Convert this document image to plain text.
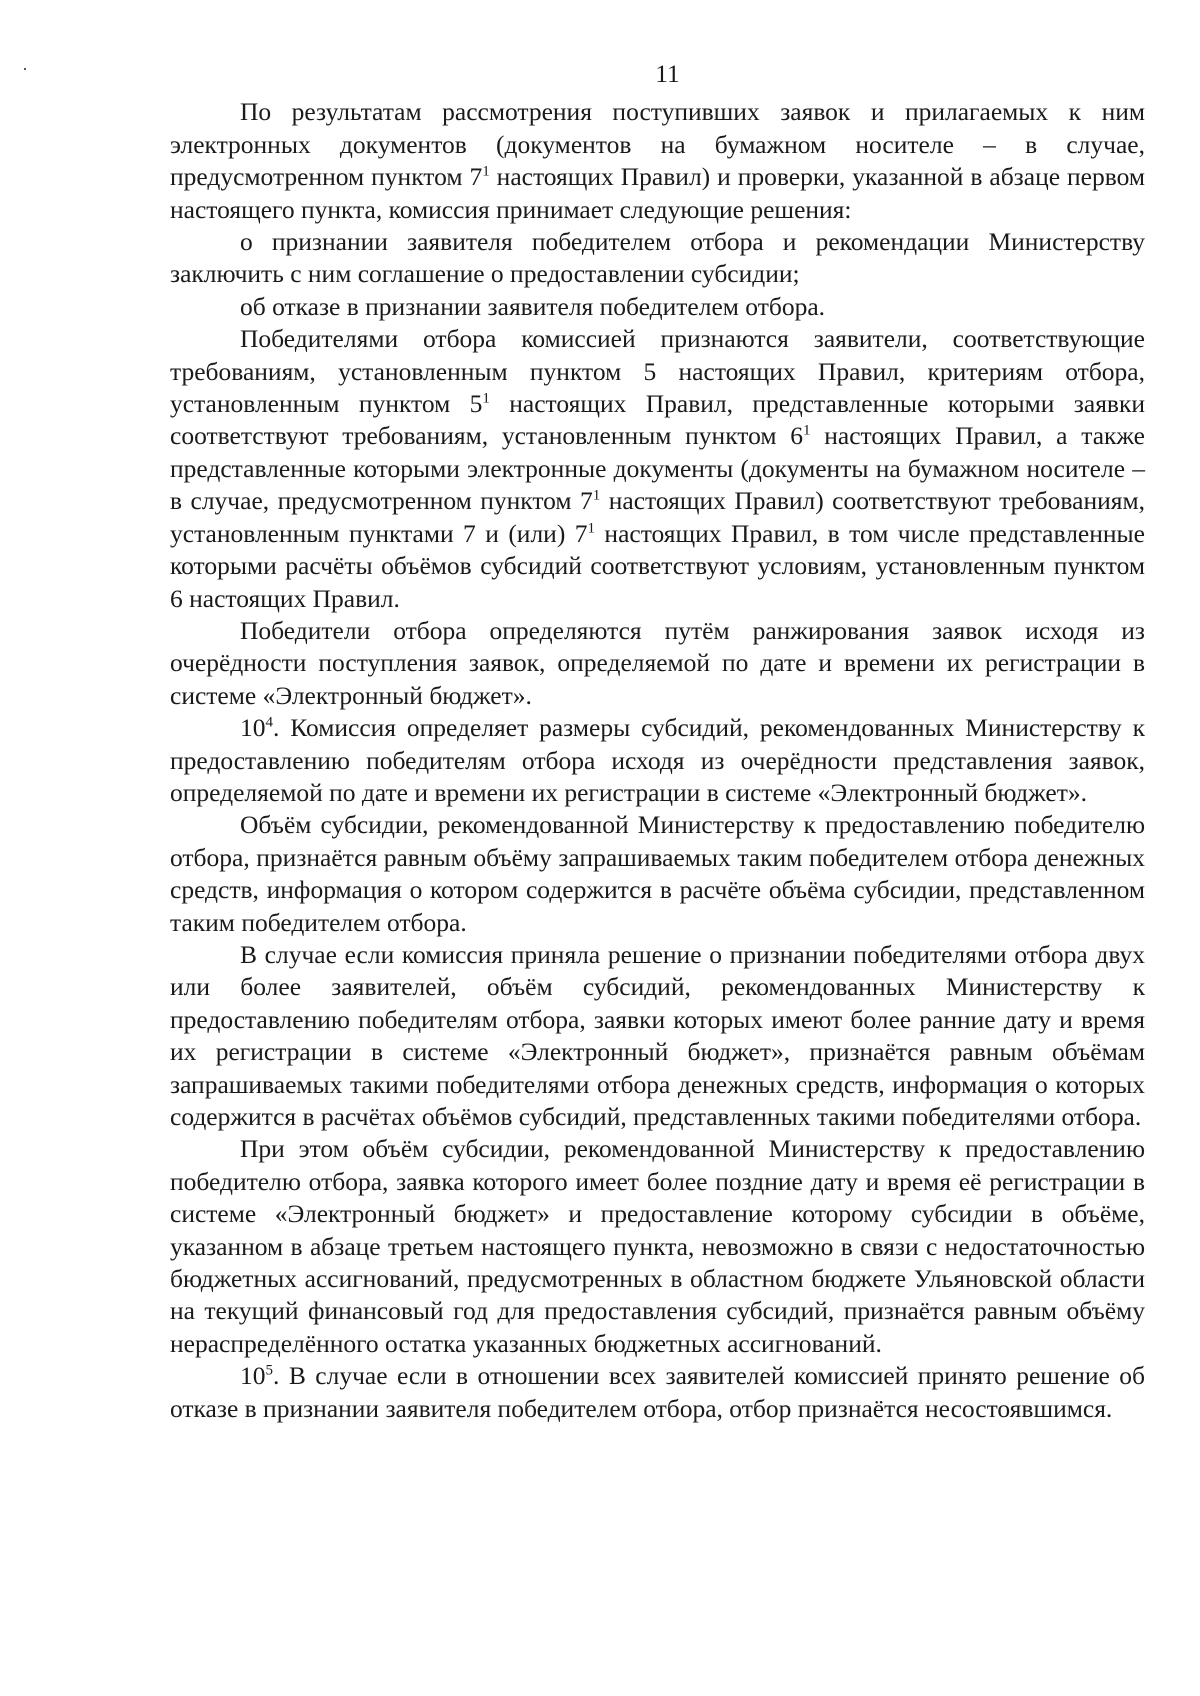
11

По результатам рассмотрения поступивших заявок и прилагаемых к ним электронных документов (документов на бумажном носителе – в случае, предусмотренном пунктом $7^1$ настоящих Правил) и проверки, указанной в абзаце первом настоящего пункта, комиссия принимает следующие решения:

о признании заявителя победителем отбора и рекомендации Министерству заключить с ним соглашение о предоставлении субсидии;

об отказе в признании заявителя победителем отбора.

Победителями отбора комиссией признаются заявители, соответствующие требованиям, установленным пунктом 5 настоящих Правил, критериям отбора, установленным пунктом $5^1$ настоящих Правил, представленные которыми заявки соответствуют требованиям, установленным пунктом $6^1$ настоящих Правил, а также представленные которыми электронные документы (документы на бумажном носителе – в случае, предусмотренном пунктом $7^1$ настоящих Правил) соответствуют требованиям, установленным пунктами 7 и (или) $7^1$ настоящих Правил, в том числе представленные которыми расчёты объёмов субсидий соответствуют условиям, установленным пунктом 6 настоящих Правил.

Победители отбора определяются путём ранжирования заявок исходя из очерёдности поступления заявок, определяемой по дате и времени их регистрации в системе «Электронный бюджет».

$10^4$. Комиссия определяет размеры субсидий, рекомендованных Министерству к предоставлению победителям отбора исходя из очерёдности представления заявок, определяемой по дате и времени их регистрации в системе «Электронный бюджет».

Объём субсидии, рекомендованной Министерству к предоставлению победителю отбора, признаётся равным объёму запрашиваемых таким победителем отбора денежных средств, информация о котором содержится в расчёте объёма субсидии, представленном таким победителем отбора.

В случае если комиссия приняла решение о признании победителями отбора двух или более заявителей, объём субсидий, рекомендованных Министерству к предоставлению победителям отбора, заявки которых имеют более ранние дату и время их регистрации в системе «Электронный бюджет», признаётся равным объёмам запрашиваемых такими победителями отбора денежных средств, информация о которых содержится в расчётах объёмов субсидий, представленных такими победителями отбора.

При этом объём субсидии, рекомендованной Министерству к предоставлению победителю отбора, заявка которого имеет более поздние дату и время её регистрации в системе «Электронный бюджет» и предоставление которому субсидии в объёме, указанном в абзаце третьем настоящего пункта, невозможно в связи с недостаточностью бюджетных ассигнований, предусмотренных в областном бюджете Ульяновской области на текущий финансовый год для предоставления субсидий, признаётся равным объёму нераспределённого остатка указанных бюджетных ассигнований.

$10^5$. В случае если в отношении всех заявителей комиссией принято решение об отказе в признании заявителя победителем отбора, отбор признаётся несостоявшимся.
